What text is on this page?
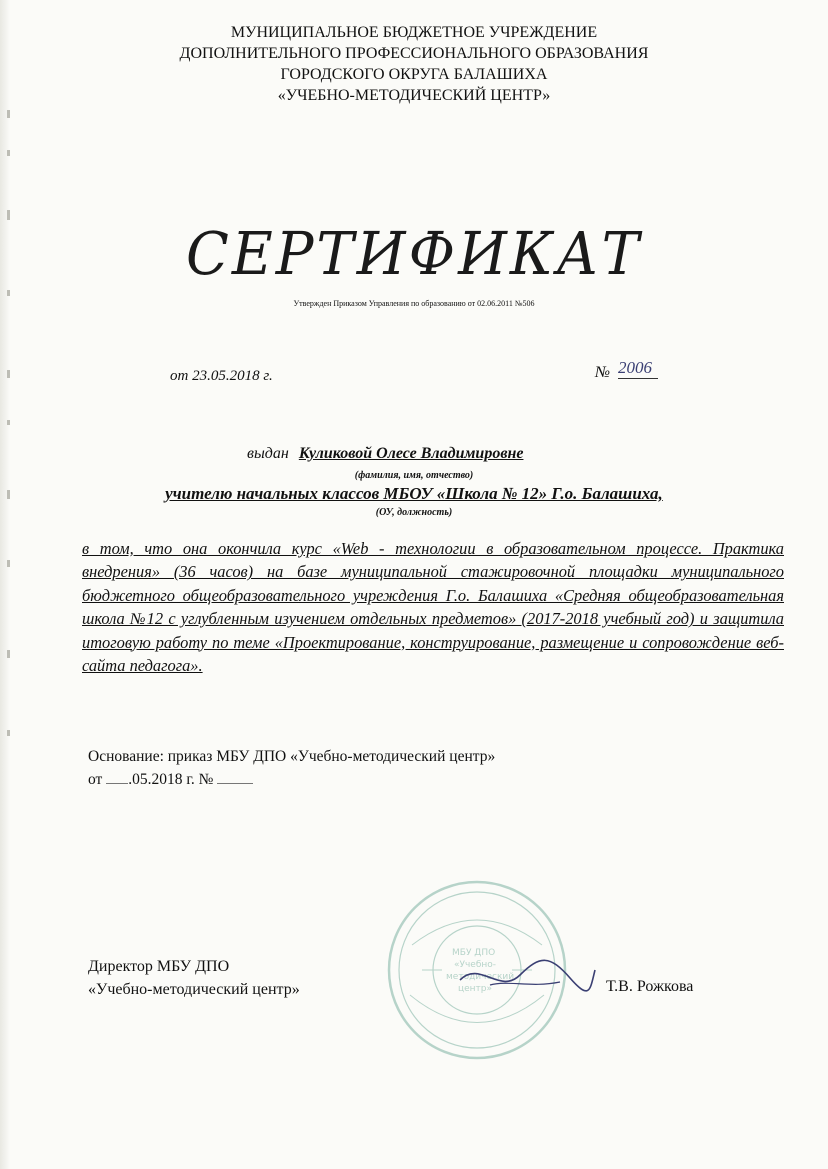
МУНИЦИПАЛЬНОЕ БЮДЖЕТНОЕ УЧРЕЖДЕНИЕ
ДОПОЛНИТЕЛЬНОГО ПРОФЕССИОНАЛЬНОГО ОБРАЗОВАНИЯ
ГОРОДСКОГО ОКРУГА БАЛАШИХА
«УЧЕБНО-МЕТОДИЧЕСКИЙ ЦЕНТР»
СЕРТИФИКАТ
Утвержден Приказом Управления по образованию от 02.06.2011 №506
от 23.05.2018 г.	№ 2006
выдан Куликовой Олесе Владимировне
(фамилия, имя, отчество)
учителю начальных классов МБОУ «Школа № 12» Г.о. Балашиха,
(ОУ, должность)
в том, что она окончила курс «Web - технологии в образовательном процессе. Практика внедрения» (36 часов) на базе муниципальной стажировочной площадки муниципального бюджетного общеобразовательного учреждения Г.о. Балашиха «Средняя общеобразовательная школа №12 с углубленным изучением отдельных предметов» (2017-2018 учебный год) и защитила итоговую работу по теме «Проектирование, конструирование, размещение и сопровождение веб-сайта педагога».
Основание: приказ МБУ ДПО «Учебно-методический центр»
от .05.2018 г. №
МБУ ДПО
«Учебно-
методический
центр»
Директор МБУ ДПО
«Учебно-методический центр»	Т.В. Рожкова
